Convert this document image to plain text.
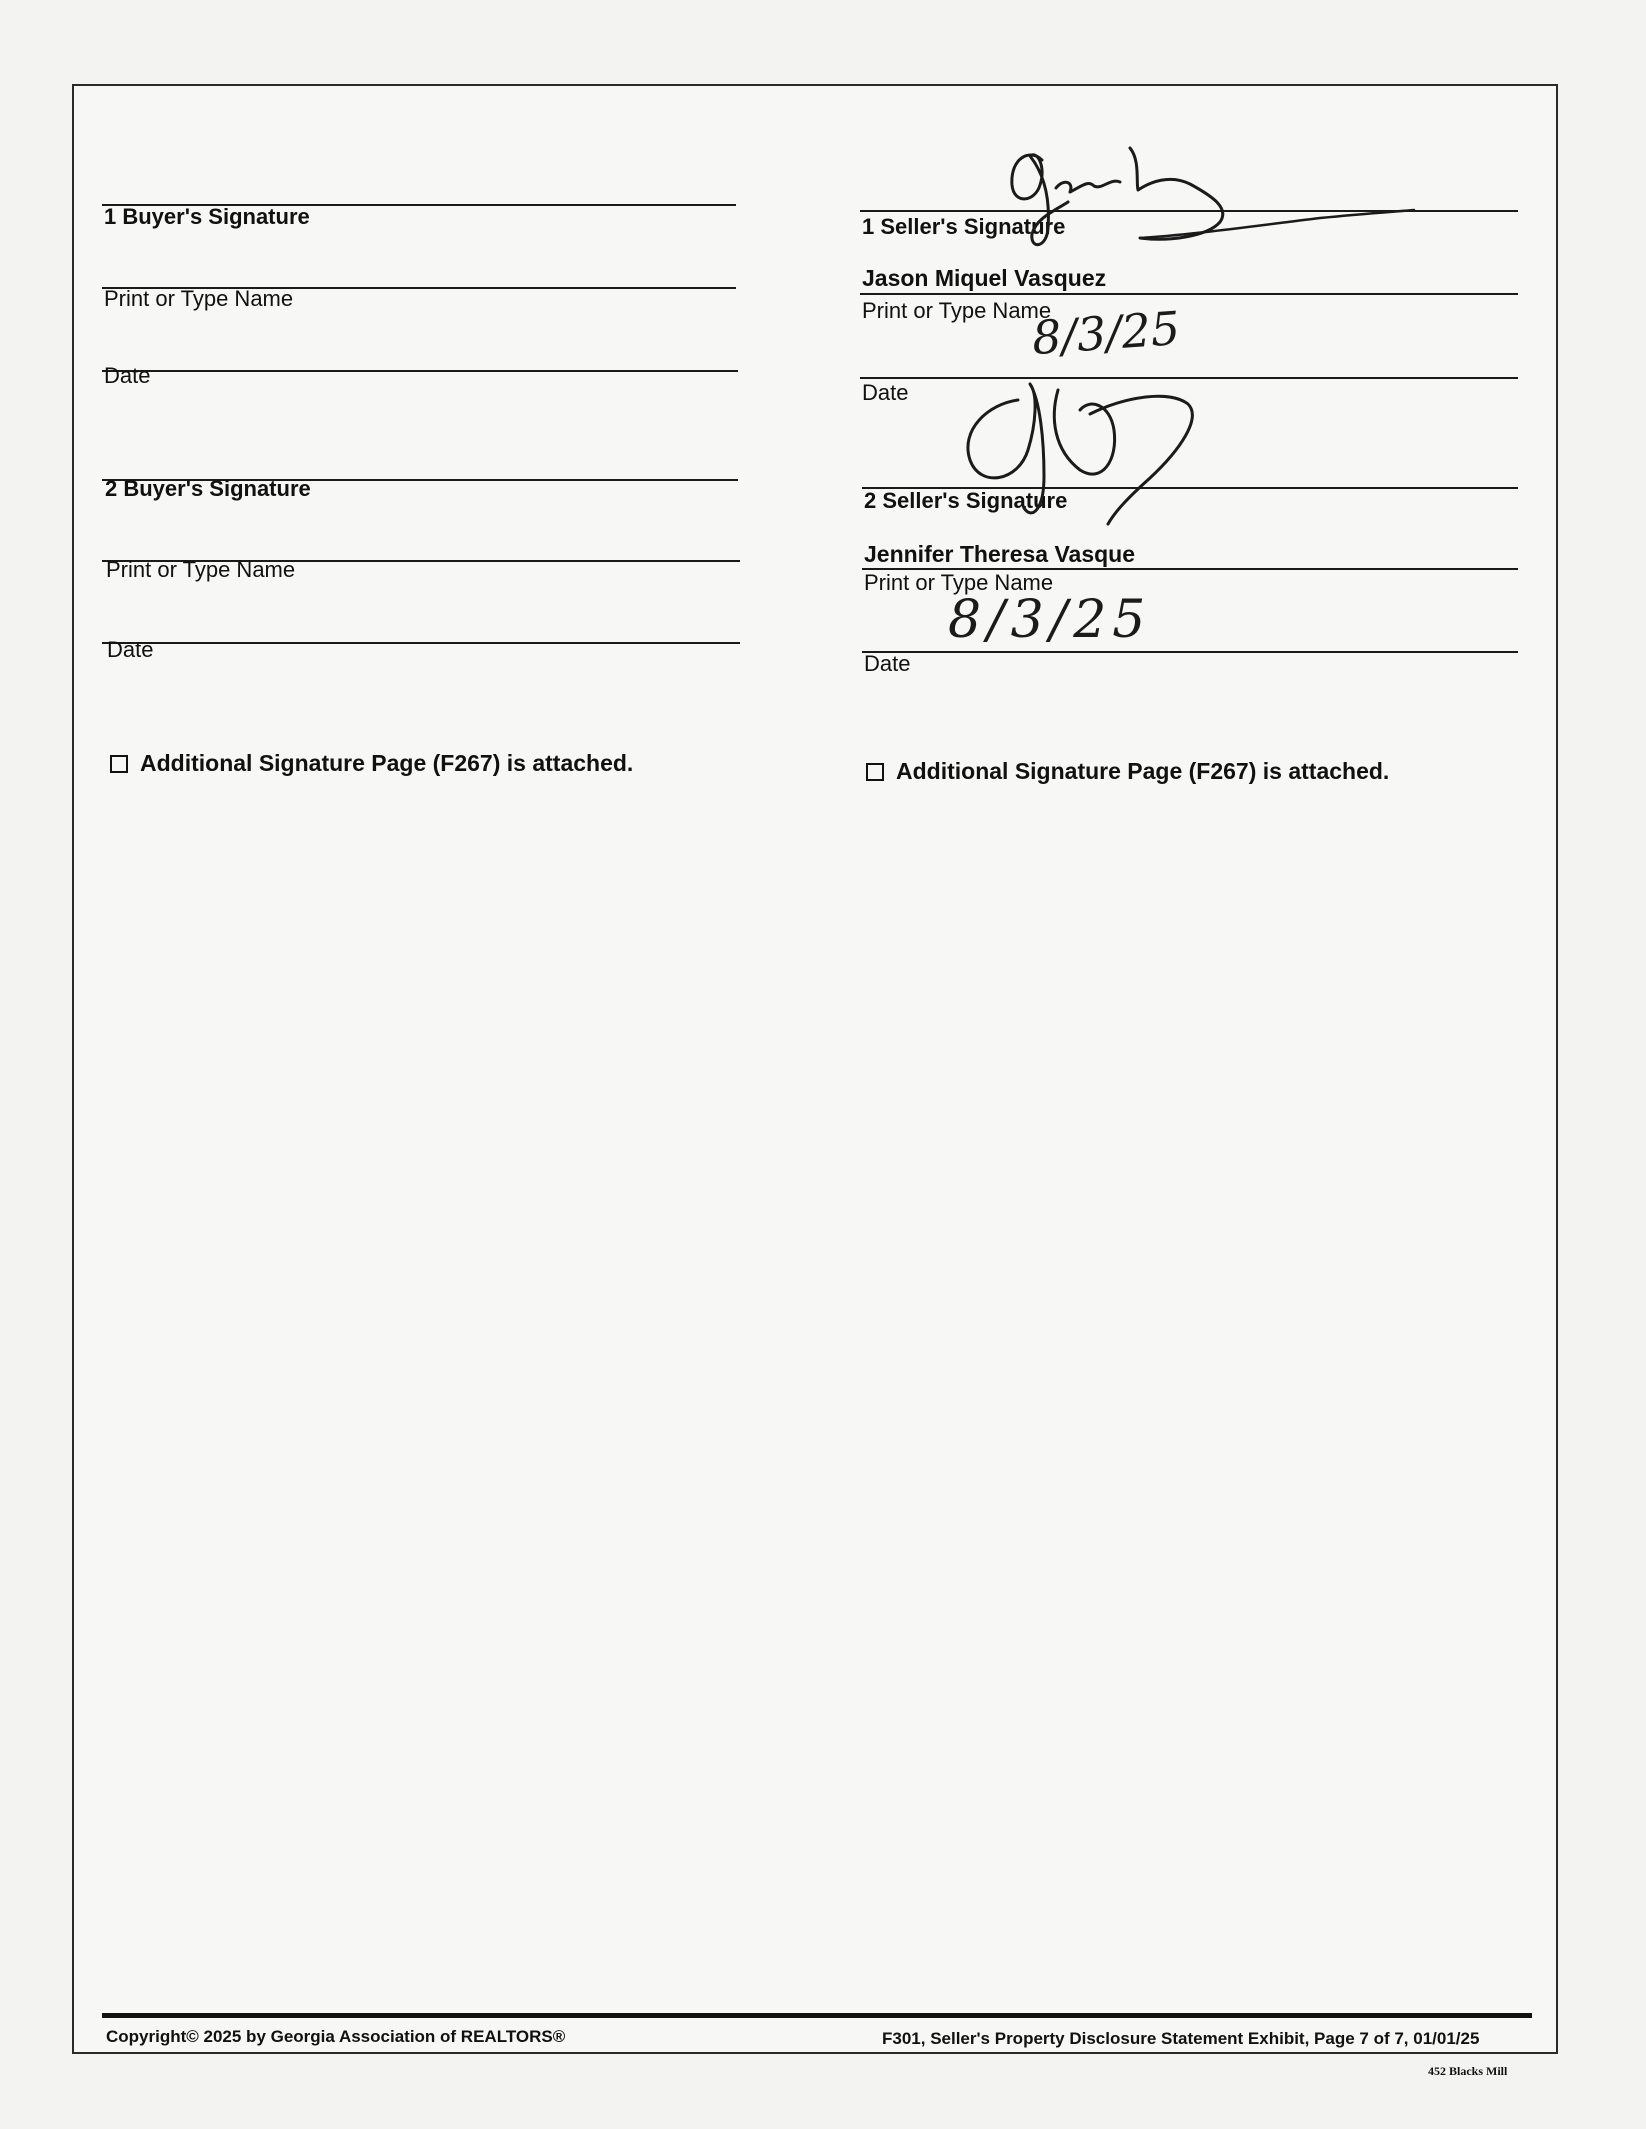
1 Buyer's Signature
Print or Type Name
Date
2 Buyer's Signature
Print or Type Name
Date
Additional Signature Page (F267) is attached.
1 Seller's Signature
Jason Miquel Vasquez
Print or Type Name
Date
2 Seller's Signature
Jennifer Theresa Vasque
Print or Type Name
Date
Additional Signature Page (F267) is attached.
8/3/25
8/3/25
Copyright© 2025 by Georgia Association of REALTORS®	F301, Seller's Property Disclosure Statement Exhibit, Page 7 of 7, 01/01/25
452 Blacks Mill
